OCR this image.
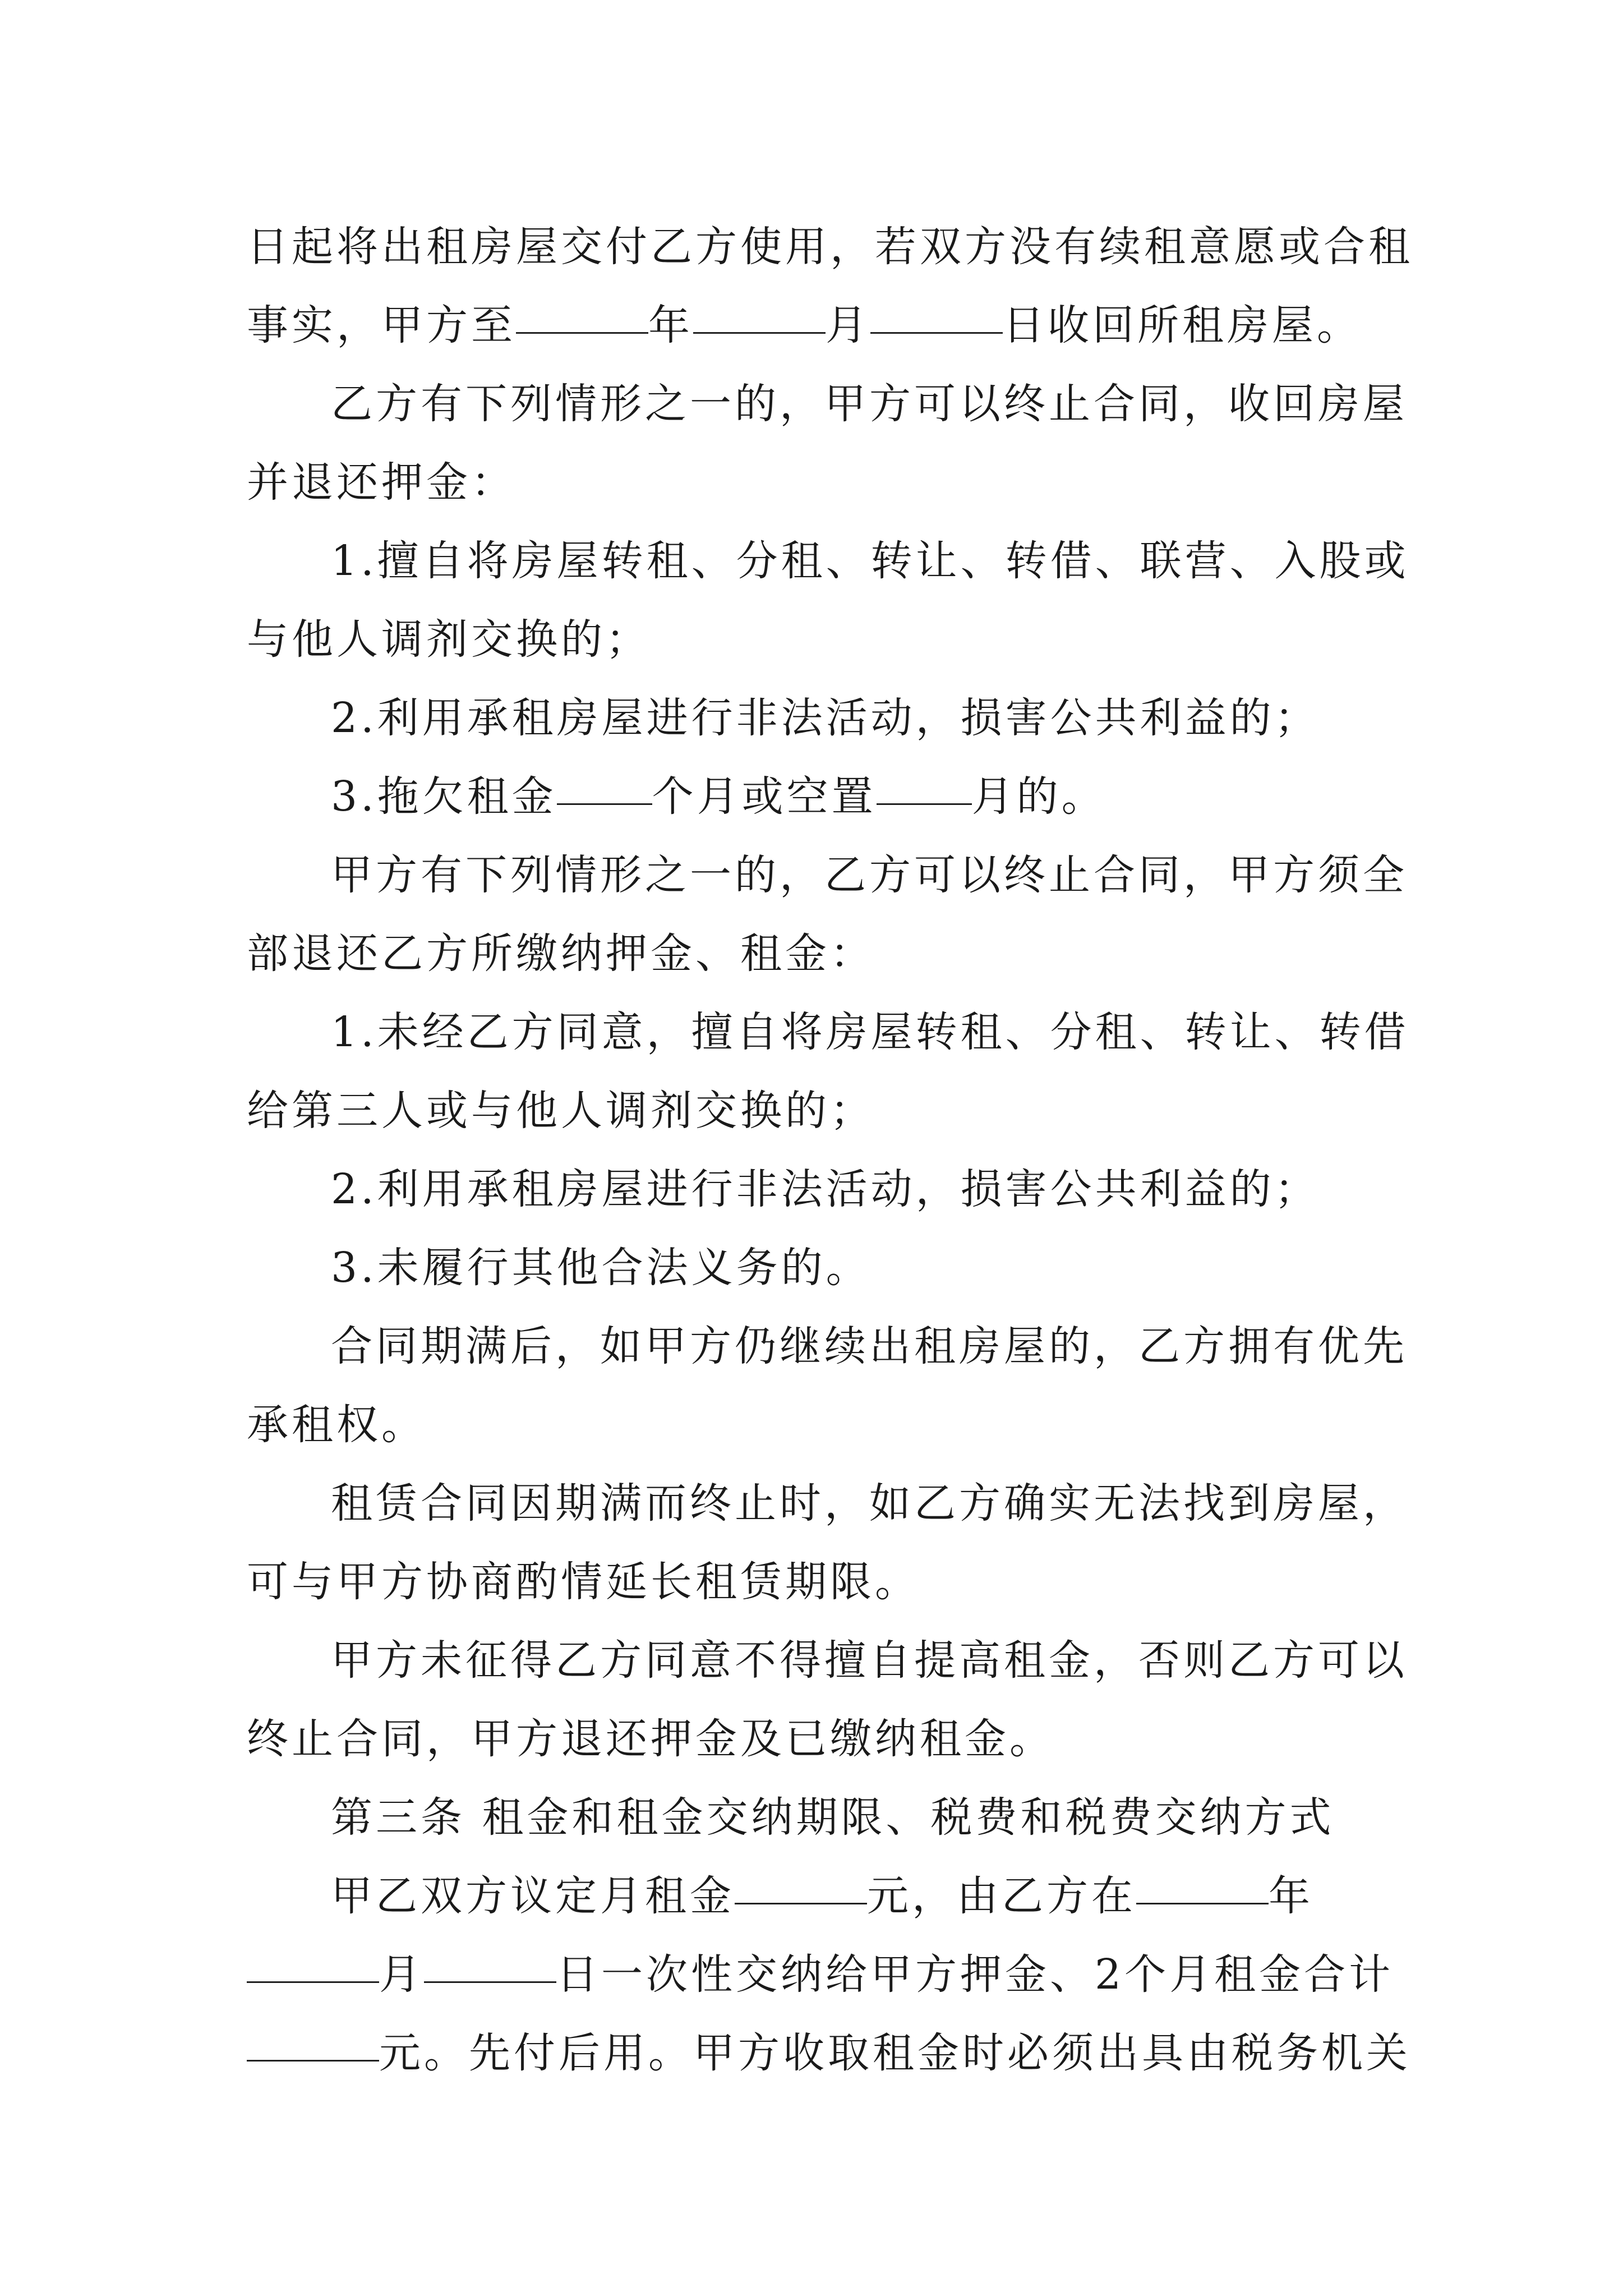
日起将出租房屋交付乙方使用，若双方没有续租意愿或合租
事实，甲方至	年	月	日收回所租房屋。
乙方有下列情形之一的，甲方可以终止合同，收回房屋
并退还押金：
1.擅自将房屋转租、分租、转让、转借、联营、入股或
与他人调剂交换的；
2.利用承租房屋进行非法活动，损害公共利益的；
3.拖欠租金 个月或空置 月的。
甲方有下列情形之一的，乙方可以终止合同，甲方须全
部退还乙方所缴纳押金、租金：
1.未经乙方同意，擅自将房屋转租、分租、转让、转借
给第三人或与他人调剂交换的；
2.利用承租房屋进行非法活动，损害公共利益的；
3.未履行其他合法义务的。
合同期满后，如甲方仍继续出租房屋的，乙方拥有优先
承租权。
租赁合同因期满而终止时，如乙方确实无法找到房屋，
可与甲方协商酌情延长租赁期限。
甲方未征得乙方同意不得擅自提高租金，否则乙方可以
终止合同，甲方退还押金及已缴纳租金。
第三条 租金和租金交纳期限、税费和税费交纳方式
甲乙双方议定月租金	元，由乙方在	年
月	日一次性交纳给甲方押金、2个月租金合计
元。先付后用。甲方收取租金时必须出具由税务机关
